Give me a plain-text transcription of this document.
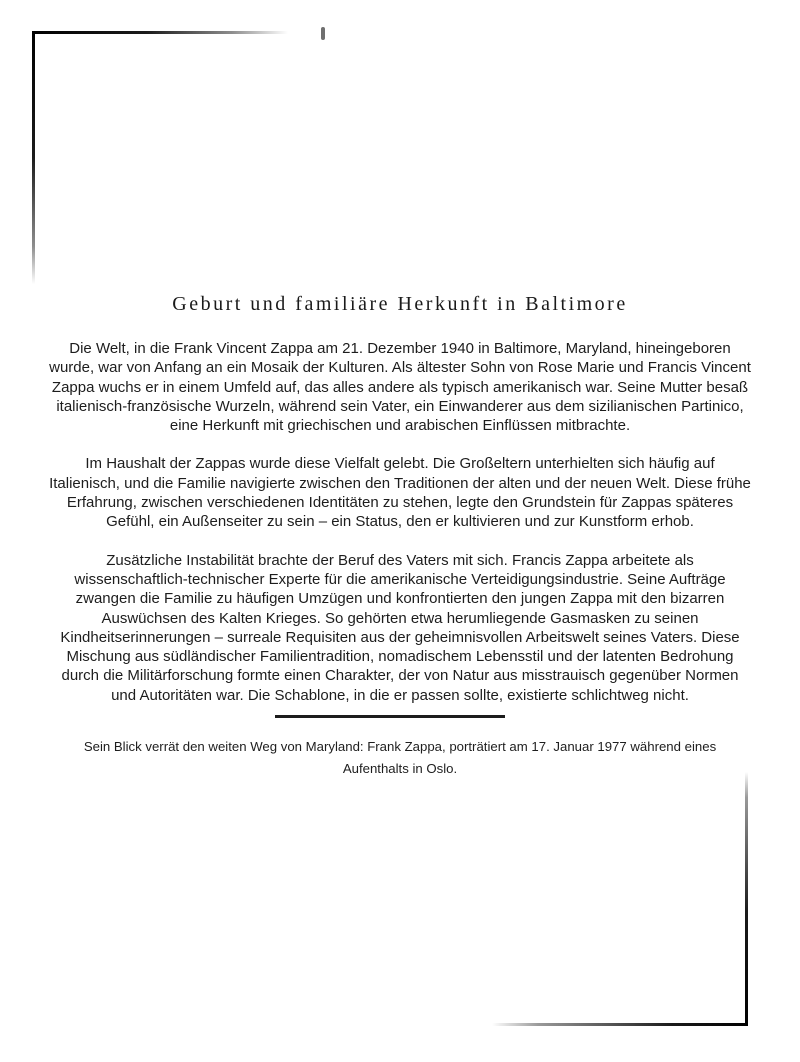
Geburt und familiäre Herkunft in Baltimore

Die Welt, in die Frank Vincent Zappa am 21. Dezember 1940 in Baltimore, Maryland, hineingeboren wurde, war von Anfang an ein Mosaik der Kulturen. Als ältester Sohn von Rose Marie und Francis Vincent Zappa wuchs er in einem Umfeld auf, das alles andere als typisch amerikanisch war. Seine Mutter besaß italienisch-französische Wurzeln, während sein Vater, ein Einwanderer aus dem sizilianischen Partinico, eine Herkunft mit griechischen und arabischen Einflüssen mitbrachte.

Im Haushalt der Zappas wurde diese Vielfalt gelebt. Die Großeltern unterhielten sich häufig auf Italienisch, und die Familie navigierte zwischen den Traditionen der alten und der neuen Welt. Diese frühe Erfahrung, zwischen verschiedenen Identitäten zu stehen, legte den Grundstein für Zappas späteres Gefühl, ein Außenseiter zu sein – ein Status, den er kultivieren und zur Kunstform erhob.

Zusätzliche Instabilität brachte der Beruf des Vaters mit sich. Francis Zappa arbeitete als wissenschaftlich-technischer Experte für die amerikanische Verteidigungsindustrie. Seine Aufträge zwangen die Familie zu häufigen Umzügen und konfrontierten den jungen Zappa mit den bizarren Auswüchsen des Kalten Krieges. So gehörten etwa herumliegende Gasmasken zu seinen Kindheitserinnerungen – surreale Requisiten aus der geheimnisvollen Arbeitswelt seines Vaters. Diese Mischung aus südländischer Familientradition, nomadischem Lebensstil und der latenten Bedrohung durch die Militärforschung formte einen Charakter, der von Natur aus misstrauisch gegenüber Normen und Autoritäten war. Die Schablone, in die er passen sollte, existierte schlichtweg nicht.

Sein Blick verrät den weiten Weg von Maryland: Frank Zappa, porträtiert am 17. Januar 1977 während eines Aufenthalts in Oslo.
